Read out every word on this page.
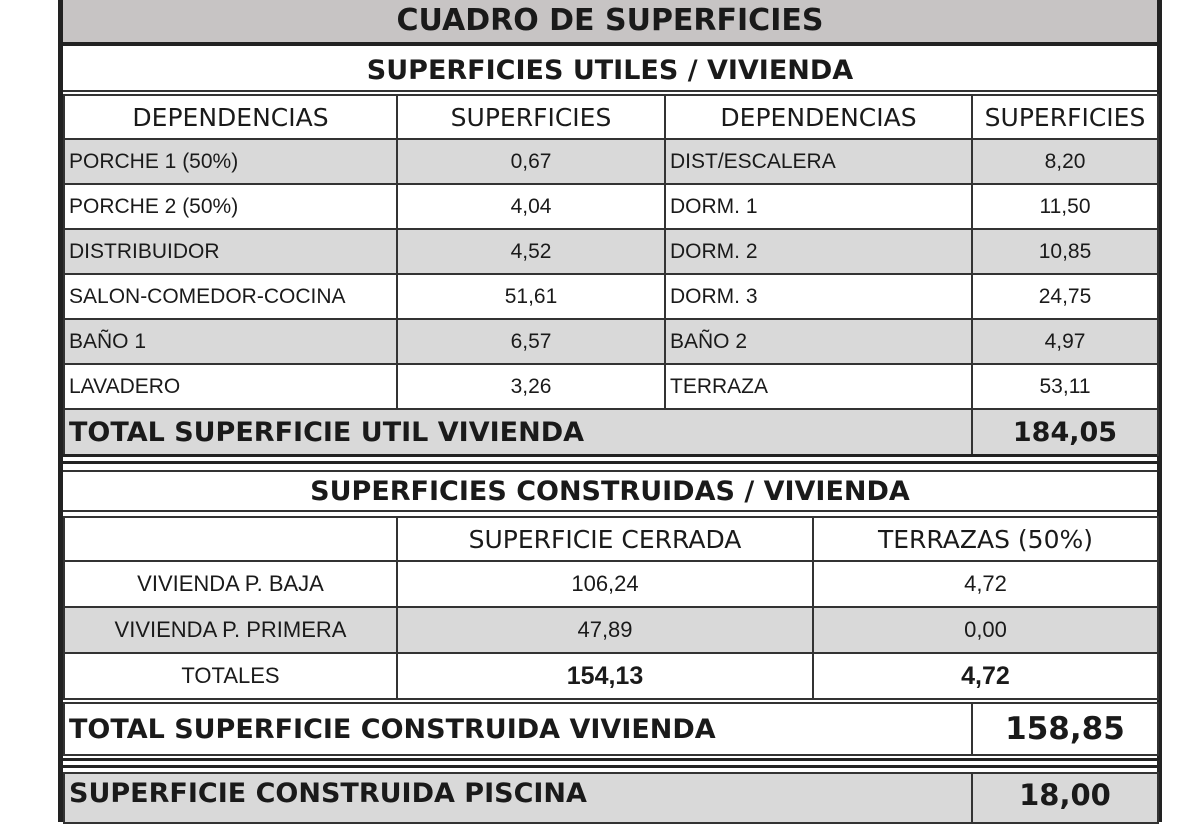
CUADRO DE SUPERFICIES
SUPERFICIES UTILES / VIVIENDA
DEPENDENCIAS	SUPERFICIES	DEPENDENCIAS	SUPERFICIES
PORCHE 1 (50%)	0,67	DIST/ESCALERA	8,20
PORCHE 2 (50%)	4,04	DORM. 1	11,50
DISTRIBUIDOR	4,52	DORM. 2	10,85
SALON-COMEDOR-COCINA	51,61	DORM. 3	24,75
BAÑO 1	6,57	BAÑO 2	4,97
LAVADERO	3,26	TERRAZA	53,11
TOTAL SUPERFICIE UTIL VIVIENDA			184,05
SUPERFICIES CONSTRUIDAS / VIVIENDA
	SUPERFICIE CERRADA	TERRAZAS (50%)
VIVIENDA P. BAJA	106,24	4,72
VIVIENDA P. PRIMERA	47,89	0,00
TOTALES	154,13	4,72
TOTAL SUPERFICIE CONSTRUIDA VIVIENDA	158,85
SUPERFICIE CONSTRUIDA PISCINA	18,00
